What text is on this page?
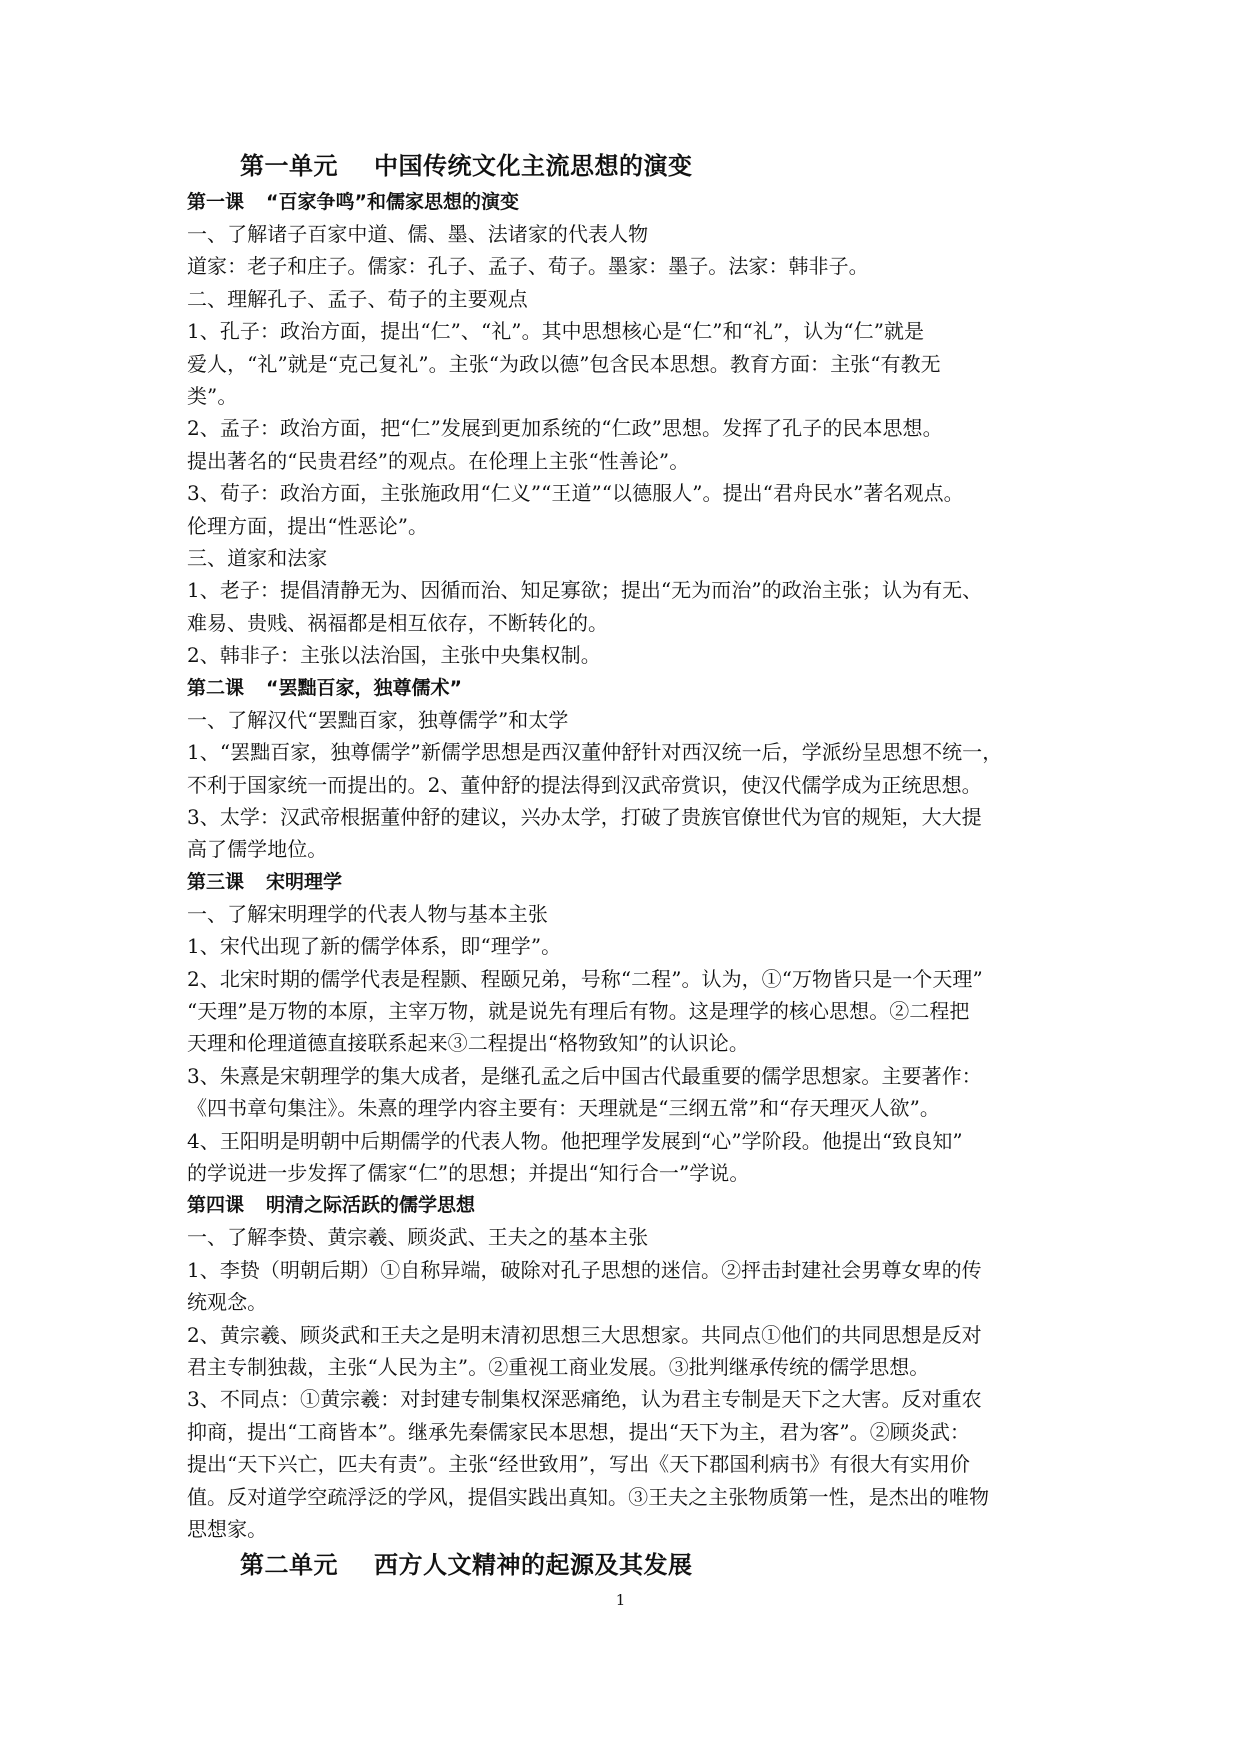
第一单元 中国传统文化主流思想的演变
第一课 “百家争鸣”和儒家思想的演变
一、了解诸子百家中道、儒、墨、法诸家的代表人物
道家：老子和庄子。儒家：孔子、孟子、荀子。墨家：墨子。法家：韩非子。
二、理解孔子、孟子、荀子的主要观点
1、孔子：政治方面，提出“仁”、“礼”。其中思想核心是“仁”和“礼”，认为“仁”就是
爱人，“礼”就是“克己复礼”。主张“为政以德”包含民本思想。教育方面：主张“有教无
类”。
2、孟子：政治方面，把“仁”发展到更加系统的“仁政”思想。发挥了孔子的民本思想。
提出著名的“民贵君经”的观点。在伦理上主张“性善论”。
3、荀子：政治方面，主张施政用“仁义”“王道”“以德服人”。提出“君舟民水”著名观点。
伦理方面，提出“性恶论”。
三、道家和法家
1、老子：提倡清静无为、因循而治、知足寡欲；提出“无为而治”的政治主张；认为有无、
难易、贵贱、祸福都是相互依存，不断转化的。
2、韩非子：主张以法治国，主张中央集权制。
第二课 “罢黜百家，独尊儒术”
一、了解汉代“罢黜百家，独尊儒学”和太学
1、“罢黜百家，独尊儒学”新儒学思想是西汉董仲舒针对西汉统一后，学派纷呈思想不统一，
不利于国家统一而提出的。2、董仲舒的提法得到汉武帝赏识，使汉代儒学成为正统思想。
3、太学：汉武帝根据董仲舒的建议，兴办太学，打破了贵族官僚世代为官的规矩，大大提
高了儒学地位。
第三课 宋明理学
一、了解宋明理学的代表人物与基本主张
1、宋代出现了新的儒学体系，即“理学”。
2、北宋时期的儒学代表是程颢、程颐兄弟，号称“二程”。认为，①“万物皆只是一个天理”
“天理”是万物的本原，主宰万物，就是说先有理后有物。这是理学的核心思想。②二程把
天理和伦理道德直接联系起来③二程提出“格物致知”的认识论。
3、朱熹是宋朝理学的集大成者，是继孔孟之后中国古代最重要的儒学思想家。主要著作：
《四书章句集注》。朱熹的理学内容主要有：天理就是“三纲五常”和“存天理灭人欲”。
4、王阳明是明朝中后期儒学的代表人物。他把理学发展到“心”学阶段。他提出“致良知”
的学说进一步发挥了儒家“仁”的思想；并提出“知行合一”学说。
第四课 明清之际活跃的儒学思想
一、了解李贽、黄宗羲、顾炎武、王夫之的基本主张
1、李贽（明朝后期）①自称异端，破除对孔子思想的迷信。②抨击封建社会男尊女卑的传
统观念。
2、黄宗羲、顾炎武和王夫之是明末清初思想三大思想家。共同点①他们的共同思想是反对
君主专制独裁，主张“人民为主”。②重视工商业发展。③批判继承传统的儒学思想。
3、不同点：①黄宗羲：对封建专制集权深恶痛绝，认为君主专制是天下之大害。反对重农
抑商，提出“工商皆本”。继承先秦儒家民本思想，提出“天下为主，君为客”。②顾炎武：
提出“天下兴亡，匹夫有责”。主张“经世致用”，写出《天下郡国利病书》有很大有实用价
值。反对道学空疏浮泛的学风，提倡实践出真知。③王夫之主张物质第一性，是杰出的唯物
思想家。
第二单元 西方人文精神的起源及其发展
1
